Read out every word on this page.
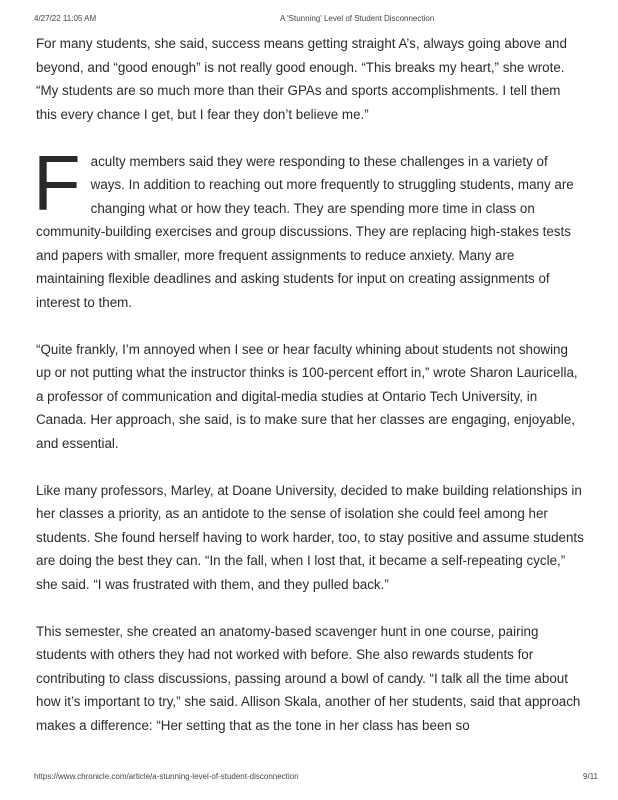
4/27/22 11:05 AM	A 'Stunning' Level of Student Disconnection

For many students, she said, success means getting straight A’s, always going above and beyond, and “good enough” is not really good enough. “This breaks my heart,” she wrote. “My students are so much more than their GPAs and sports accomplishments. I tell them this every chance I get, but I fear they don’t believe me.”

F aculty members said they were responding to these challenges in a variety of ways. In addition to reaching out more frequently to struggling students, many are changing what or how they teach. They are spending more time in class on community-building exercises and group discussions. They are replacing high-stakes tests and papers with smaller, more frequent assignments to reduce anxiety. Many are maintaining flexible deadlines and asking students for input on creating assignments of interest to them.

“Quite frankly, I’m annoyed when I see or hear faculty whining about students not showing up or not putting what the instructor thinks is 100-percent effort in,” wrote Sharon Lauricella, a professor of communication and digital-media studies at Ontario Tech University, in Canada. Her approach, she said, is to make sure that her classes are engaging, enjoyable, and essential.

Like many professors, Marley, at Doane University, decided to make building relationships in her classes a priority, as an antidote to the sense of isolation she could feel among her students. She found herself having to work harder, too, to stay positive and assume students are doing the best they can. “In the fall, when I lost that, it became a self-repeating cycle,” she said. “I was frustrated with them, and they pulled back.”

This semester, she created an anatomy-based scavenger hunt in one course, pairing students with others they had not worked with before. She also rewards students for contributing to class discussions, passing around a bowl of candy. “I talk all the time about how it’s important to try,” she said. Allison Skala, another of her students, said that approach makes a difference: “Her setting that as the tone in her class has been so

https://www.chronicle.com/article/a-stunning-level-of-student-disconnection	9/11
